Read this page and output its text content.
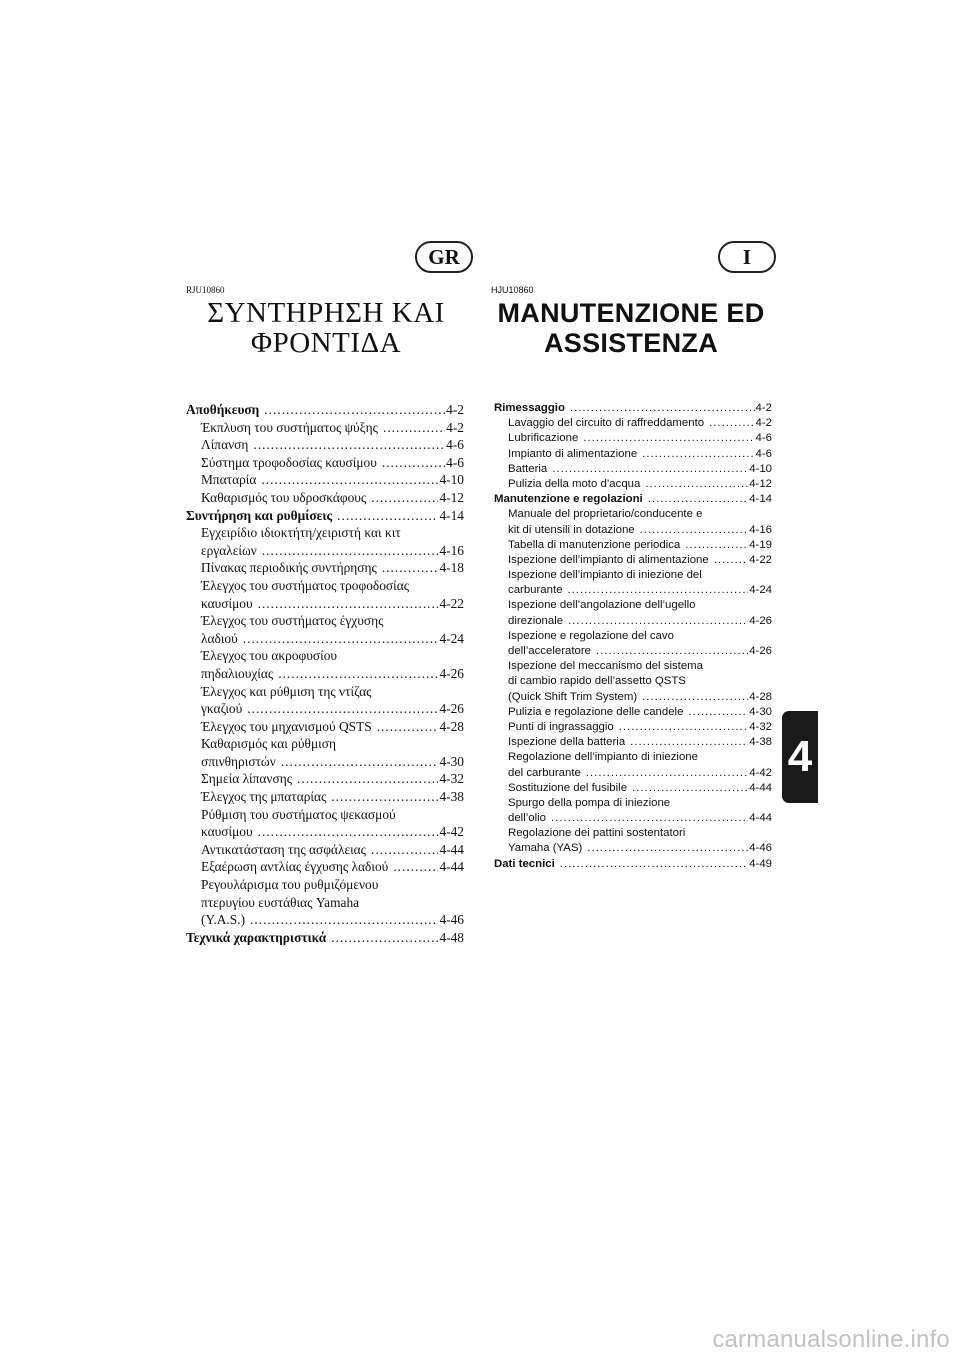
GR	I
RJU10860	HJU10860
ΣΥΝΤΗΡΗΣΗ ΚΑΙ
ΦΡΟΝΤΙΔΑ
MANUTENZIONE ED
ASSISTENZA
Αποθήκευση .....	4-2
Έκπλυση του συστήματος ψύξης .....	4-2
Λίπανση .....	4-6
Σύστημα τροφοδοσίας καυσίμου .....	4-6
Μπαταρία .....	4-10
Καθαρισμός του υδροσκάφους .....	4-12
Συντήρηση και ρυθμίσεις .....	4-14
Εγχειρίδιο ιδιοκτήτη/χειριστή και κιτ
εργαλείων .....	4-16
Πίνακας περιοδικής συντήρησης .....	4-18
Έλεγχος του συστήματος τροφοδοσίας
καυσίμου .....	4-22
Έλεγχος του συστήματος έγχυσης
λαδιού .....	4-24
Έλεγχος του ακροφυσίου
πηδαλιουχίας .....	4-26
Έλεγχος και ρύθμιση της ντίζας
γκαζιού .....	4-26
Έλεγχος του μηχανισμού QSTS .....	4-28
Καθαρισμός και ρύθμιση
σπινθηριστών .....	4-30
Σημεία λίπανσης .....	4-32
Έλεγχος της μπαταρίας .....	4-38
Ρύθμιση του συστήματος ψεκασμού
καυσίμου .....	4-42
Αντικατάσταση της ασφάλειας .....	4-44
Εξαέρωση αντλίας έγχυσης λαδιού .....	4-44
Ρεγουλάρισμα του ρυθμιζόμενου
πτερυγίου ευστάθιας Yamaha
(Y.A.S.) .....	4-46
Τεχνικά χαρακτηριστικά .....	4-48
Rimessaggio .....	4-2
Lavaggio del circuito di raffreddamento .....	4-2
Lubrificazione .....	4-6
Impianto di alimentazione .....	4-6
Batteria .....	4-10
Pulizia della moto d’acqua .....	4-12
Manutenzione e regolazioni .....	4-14
Manuale del proprietario/conducente e
kit di utensili in dotazione .....	4-16
Tabella di manutenzione periodica .....	4-19
Ispezione dell’impianto di alimentazione .....	4-22
Ispezione dell’impianto di iniezione del
carburante .....	4-24
Ispezione dell’angolazione dell’ugello
direzionale .....	4-26
Ispezione e regolazione del cavo
dell’acceleratore .....	4-26
Ispezione del meccanismo del sistema
di cambio rapido dell’assetto QSTS
(Quick Shift Trim System) .....	4-28
Pulizia e regolazione delle candele .....	4-30
Punti di ingrassaggio .....	4-32
Ispezione della batteria .....	4-38
Regolazione dell’impianto di iniezione
del carburante .....	4-42
Sostituzione del fusibile .....	4-44
Spurgo della pompa di iniezione
dell’olio .....	4-44
Regolazione dei pattini sostentatori
Yamaha (YAS) .....	4-46
Dati tecnici .....	4-49
4
carmanualsonline.info
